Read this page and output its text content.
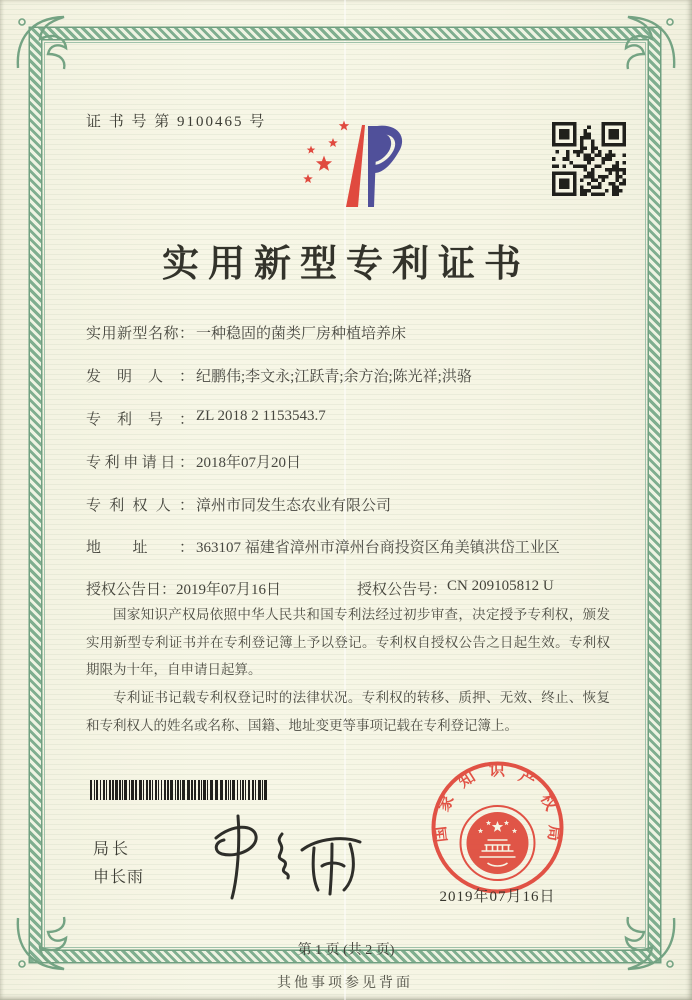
证 书 号 第 9100465 号
实用新型专利证书
实用新型名称： 一种稳固的菌类厂房种植培养床
发明人： 纪鹏伟;李文永;江跃青;余方治;陈光祥;洪骆
专利号： ZL 2018 2 1153543.7
专利申请日： 2018年07月20日
专利权人： 漳州市同发生态农业有限公司
地址： 363107 福建省漳州市漳州台商投资区角美镇洪岱工业区
授权公告日： 2019年07月16日	授权公告号： CN 209105812 U

国家知识产权局依照中华人民共和国专利法经过初步审查，决定授予专利权，颁发实用新型专利证书并在专利登记簿上予以登记。专利权自授权公告之日起生效。专利权期限为十年，自申请日起算。

专利证书记载专利权登记时的法律状况。专利权的转移、质押、无效、终止、恢复和专利权人的姓名或名称、国籍、地址变更等事项记载在专利登记簿上。

局长
申长雨
国家知识产权局
2019年07月16日
第 1 页 (共 2 页)
其他事项参见背面
